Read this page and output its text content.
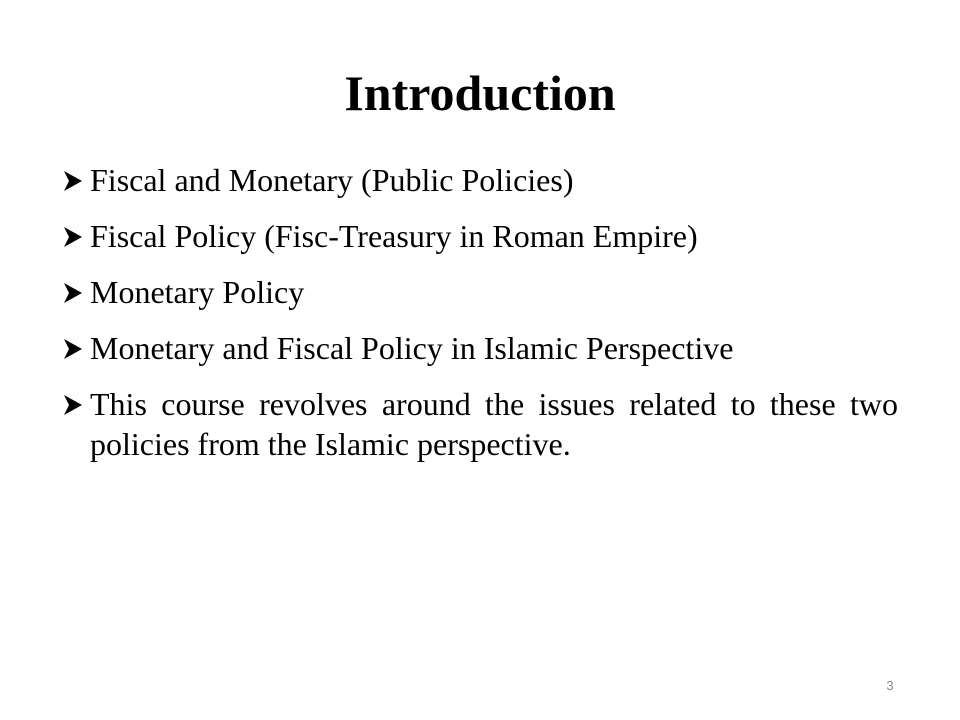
Introduction
Fiscal and Monetary (Public Policies)
Fiscal Policy (Fisc-Treasury in Roman Empire)
Monetary Policy
Monetary and Fiscal Policy in Islamic Perspective
This course revolves around the issues related to these two policies from the Islamic perspective.
3
